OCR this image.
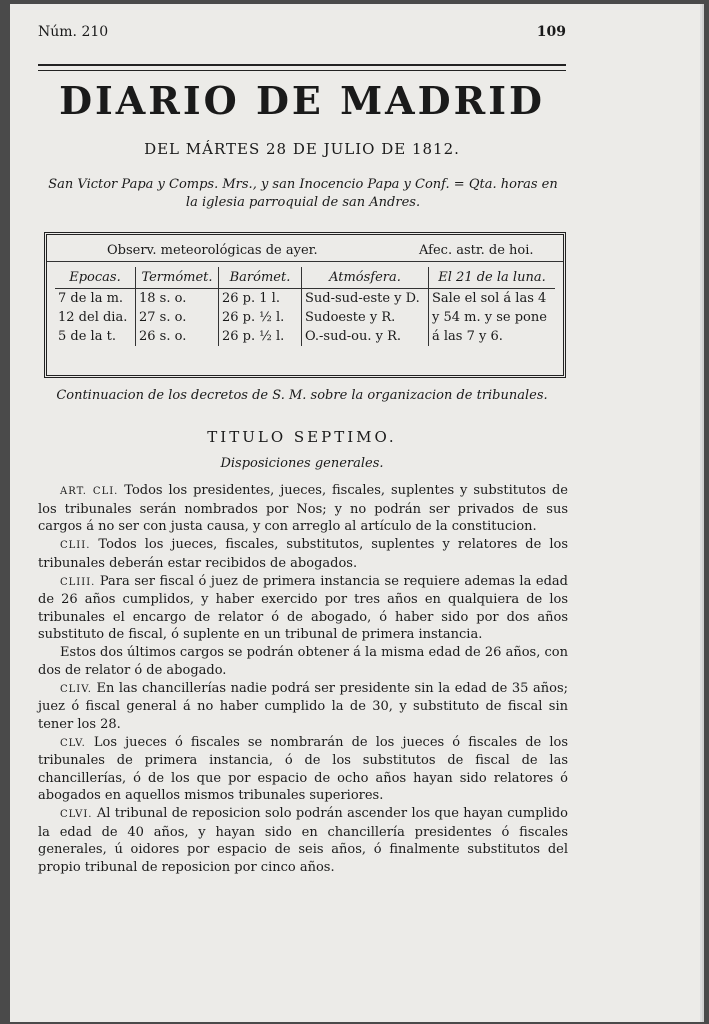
Núm. 210	109
DIARIO DE MADRID
DEL MÁRTES 28 DE JULIO DE 1812.
San Victor Papa y Comps. Mrs., y san Inocencio Papa y Conf. = Qta. horas en la iglesia parroquial de san Andres.
Observ. meteorológicas de ayer.	Afec. astr. de hoi.
Epocas.	Termómet.	Barómet.	Atmósfera.	El 21 de la luna.
7 de la m.	18 s. o.	26 p. 1 l.	Sud-sud-este y D.	Sale el sol á las 4
12 del dia.	27 s. o.	26 p. ½ l.	Sudoeste y R.	y 54 m. y se pone
5 de la t.	26 s. o.	26 p. ½ l.	O.-sud-ou. y R.	á las 7 y 6.
Continuacion de los decretos de S. M. sobre la organizacion de tribunales.
TITULO SEPTIMO.
Disposiciones generales.

ART. CLI. Todos los presidentes, jueces, fiscales, suplentes y substitutos de los tribunales serán nombrados por Nos; y no podrán ser privados de sus cargos á no ser con justa causa, y con arreglo al artículo de la constitucion.

CLII. Todos los jueces, fiscales, substitutos, suplentes y relatores de los tribunales deberán estar recibidos de abogados.

CLIII. Para ser fiscal ó juez de primera instancia se requiere ademas la edad de 26 años cumplidos, y haber exercido por tres años en qualquiera de los tribunales el encargo de relator ó de abogado, ó haber sido por dos años substituto de fiscal, ó suplente en un tribunal de primera instancia.

Estos dos últimos cargos se podrán obtener á la misma edad de 26 años, con dos de relator ó de abogado.

CLIV. En las chancillerías nadie podrá ser presidente sin la edad de 35 años; juez ó fiscal general á no haber cumplido la de 30, y substituto de fiscal sin tener los 28.

CLV. Los jueces ó fiscales se nombrarán de los jueces ó fiscales de los tribunales de primera instancia, ó de los substitutos de fiscal de las chancillerías, ó de los que por espacio de ocho años hayan sido relatores ó abogados en aquellos mismos tribunales superiores.

CLVI. Al tribunal de reposicion solo podrán ascender los que hayan cumplido la edad de 40 años, y hayan sido en chancillería presidentes ó fiscales generales, ú oidores por espacio de seis años, ó finalmente substitutos del propio tribunal de reposicion por cinco años.
